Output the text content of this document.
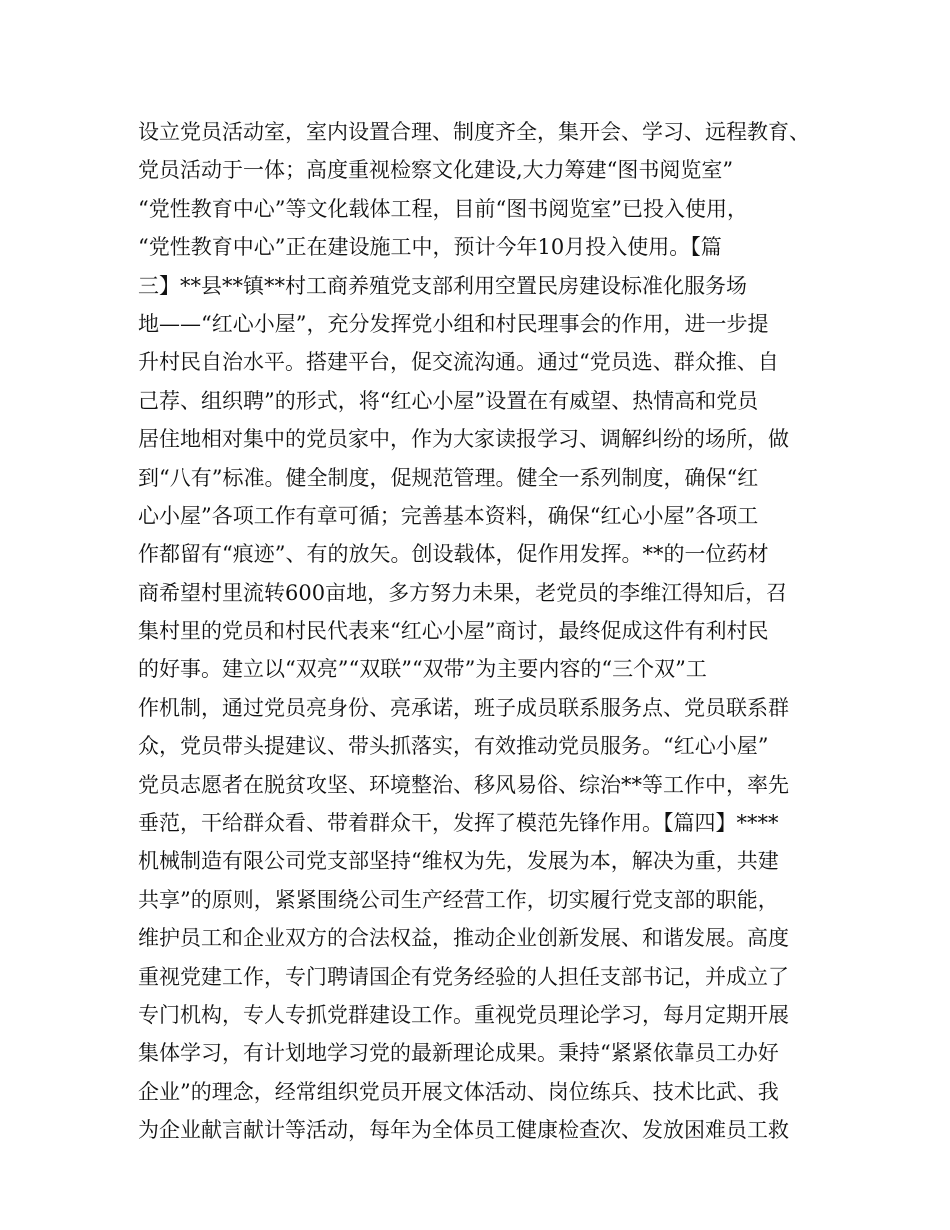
设立党员活动室，室内设置合理、制度齐全，集开会、学习、远程教育、
党员活动于一体；高度重视检察文化建设,大力筹建“图书阅览室”
“党性教育中心”等文化载体工程，目前“图书阅览室”已投入使用，
“党性教育中心”正在建设施工中，预计今年10月投入使用。【篇
三】**县**镇**村工商养殖党支部利用空置民房建设标准化服务场
地——“红心小屋”，充分发挥党小组和村民理事会的作用，进一步提
升村民自治水平。搭建平台，促交流沟通。通过“党员选、群众推、自
己荐、组织聘”的形式，将“红心小屋”设置在有威望、热情高和党员
居住地相对集中的党员家中，作为大家读报学习、调解纠纷的场所，做
到“八有”标准。健全制度，促规范管理。健全一系列制度，确保“红
心小屋”各项工作有章可循；完善基本资料，确保“红心小屋”各项工
作都留有“痕迹”、有的放矢。创设载体，促作用发挥。**的一位药材
商希望村里流转600亩地，多方努力未果，老党员的李维江得知后，召
集村里的党员和村民代表来“红心小屋”商讨，最终促成这件有利村民
的好事。建立以“双亮”“双联”“双带”为主要内容的“三个双”工
作机制，通过党员亮身份、亮承诺，班子成员联系服务点、党员联系群
众，党员带头提建议、带头抓落实，有效推动党员服务。“红心小屋”
党员志愿者在脱贫攻坚、环境整治、移风易俗、综治**等工作中，率先
垂范，干给群众看、带着群众干，发挥了模范先锋作用。【篇四】****
机械制造有限公司党支部坚持“维权为先，发展为本，解决为重，共建
共享”的原则，紧紧围绕公司生产经营工作，切实履行党支部的职能，
维护员工和企业双方的合法权益，推动企业创新发展、和谐发展。高度
重视党建工作，专门聘请国企有党务经验的人担任支部书记，并成立了
专门机构，专人专抓党群建设工作。重视党员理论学习，每月定期开展
集体学习，有计划地学习党的最新理论成果。秉持“紧紧依靠员工办好
企业”的理念，经常组织党员开展文体活动、岗位练兵、技术比武、我
为企业献言献计等活动，每年为全体员工健康检查次、发放困难员工救
